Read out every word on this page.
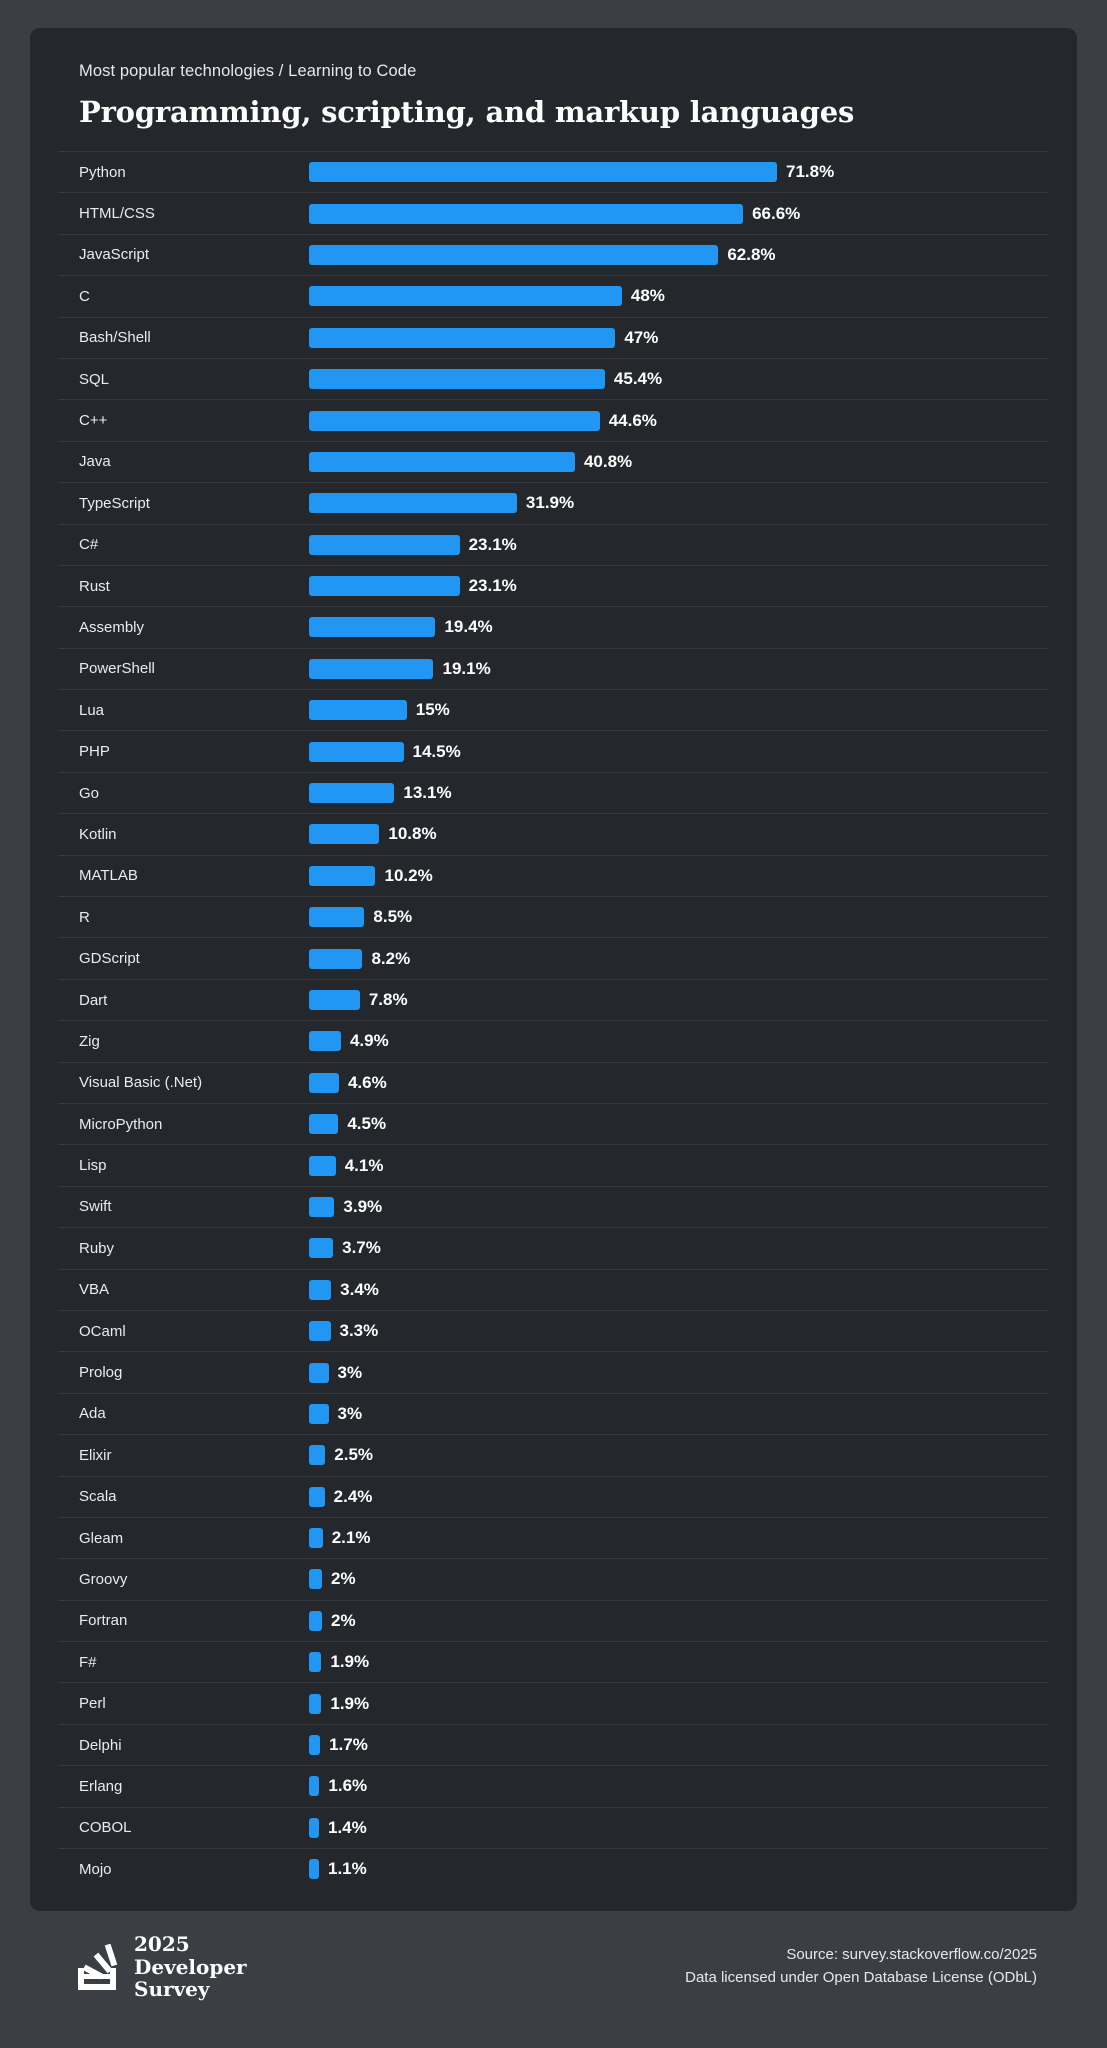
Most popular technologies / Learning to Code
Programming, scripting, and markup languages
Python	71.8%
HTML/CSS	66.6%
JavaScript	62.8%
C	48%
Bash/Shell	47%
SQL	45.4%
C++	44.6%
Java	40.8%
TypeScript	31.9%
C#	23.1%
Rust	23.1%
Assembly	19.4%
PowerShell	19.1%
Lua	15%
PHP	14.5%
Go	13.1%
Kotlin	10.8%
MATLAB	10.2%
R	8.5%
GDScript	8.2%
Dart	7.8%
Zig	4.9%
Visual Basic (.Net)	4.6%
MicroPython	4.5%
Lisp	4.1%
Swift	3.9%
Ruby	3.7%
VBA	3.4%
OCaml	3.3%
Prolog	3%
Ada	3%
Elixir	2.5%
Scala	2.4%
Gleam	2.1%
Groovy	2%
Fortran	2%
F#	1.9%
Perl	1.9%
Delphi	1.7%
Erlang	1.6%
COBOL	1.4%
Mojo	1.1%
2025
Developer
Survey
Source: survey.stackoverflow.co/2025
Data licensed under Open Database License (ODbL)
